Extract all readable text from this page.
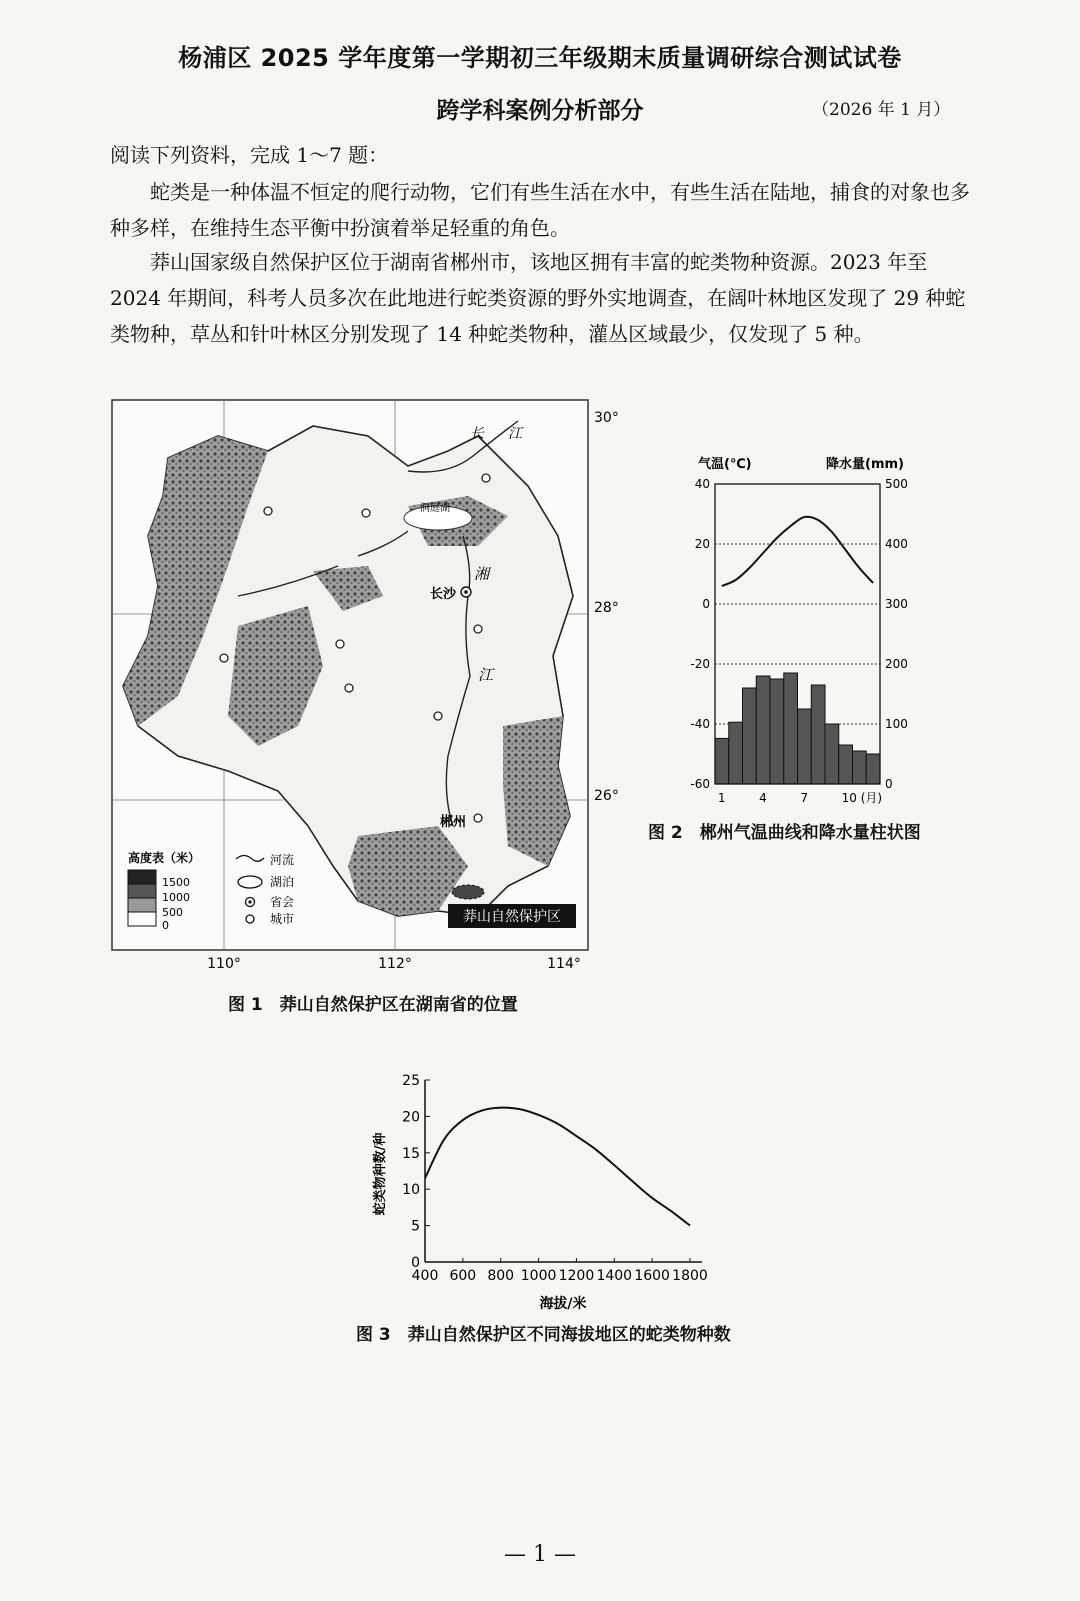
杨浦区 2025 学年度第一学期初三年级期末质量调研综合测试试卷
跨学科案例分析部分	（2026 年 1 月）
阅读下列资料，完成 1～7 题：
蛇类是一种体温不恒定的爬行动物，它们有些生活在水中，有些生活在陆地，捕食的对象也多种多样，在维持生态平衡中扮演着举足轻重的角色。
莽山国家级自然保护区位于湖南省郴州市，该地区拥有丰富的蛇类物种资源。2023 年至 2024 年期间，科考人员多次在此地进行蛇类资源的野外实地调查，在阔叶林地区发现了 29 种蛇类物种，草丛和针叶林区分别发现了 14 种蛇类物种，灌丛区域最少，仅发现了 5 种。
长 江
洞庭湖
湘
江
长沙
郴州
莽山自然保护区
30°
28°
26°
110°	112°	114°
高度表（米）
1500
1000
500
0
河流
湖泊
省会
城市
图 1　莽山自然保护区在湖南省的位置
气温(℃)	降水量(mm)
40	500
20	400
0	300
-20	200
-40	100
-60	0
1	4	7	10 (月)
图 2　郴州气温曲线和降水量柱状图
0
5
10
15
20
25
400 600 800 1000 1200 1400 1600 1800
海拔/米
蛇类物种数/种
图 3　莽山自然保护区不同海拔地区的蛇类物种数
— 1 —
